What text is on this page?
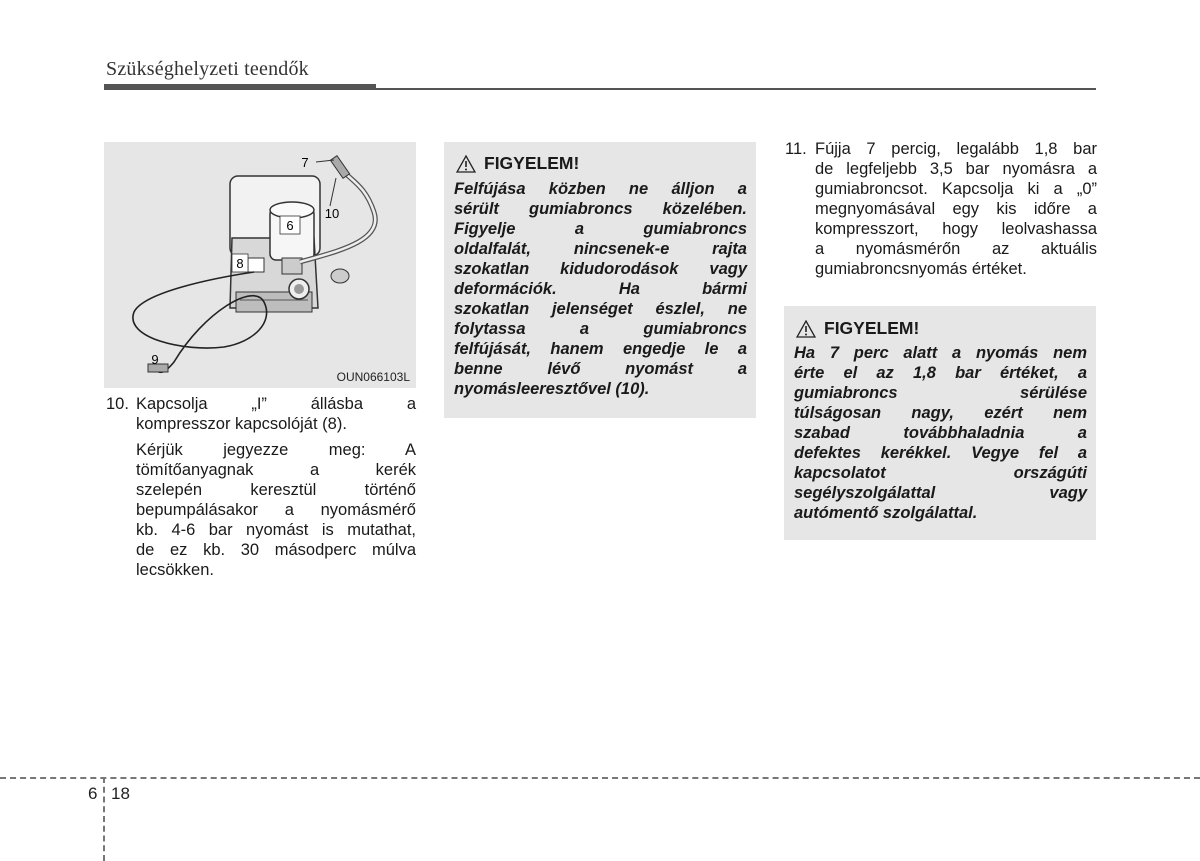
Szükséghelyzeti teendők
6
7
8
9
10
OUN066103L
10. Kapcsolja „I” állásba a
kompresszor kapcsolóját (8).
Kérjük jegyezze meg: A
tömítőanyagnak a kerék
szelepén keresztül történő
bepumpálásakor a nyomásmérő
kb. 4-6 bar nyomást is mutathat,
de ez kb. 30 másodperc múlva
lecsökken.
FIGYELEM!
Felfújása közben ne álljon a
sérült gumiabroncs közelében.
Figyelje a gumiabroncs
oldalfalát, nincsenek-e rajta
szokatlan kidudorodások vagy
deformációk. Ha bármi
szokatlan jelenséget észlel, ne
folytassa a gumiabroncs
felfújását, hanem engedje le a
benne lévő nyomást a
nyomásleeresztővel (10).
11. Fújja 7 percig, legalább 1,8 bar
de legfeljebb 3,5 bar nyomásra a
gumiabroncsot. Kapcsolja ki a „0”
megnyomásával egy kis időre a
kompresszort, hogy leolvashassa
a nyomásmérőn az aktuális
gumiabroncsnyomás értéket.
FIGYELEM!
Ha 7 perc alatt a nyomás nem
érte el az 1,8 bar értéket, a
gumiabroncs sérülése
túlságosan nagy, ezért nem
szabad továbbhaladnia a
defektes kerékkel. Vegye fel a
kapcsolatot országúti
segélyszolgálattal vagy
autómentő szolgálattal.
6 18
